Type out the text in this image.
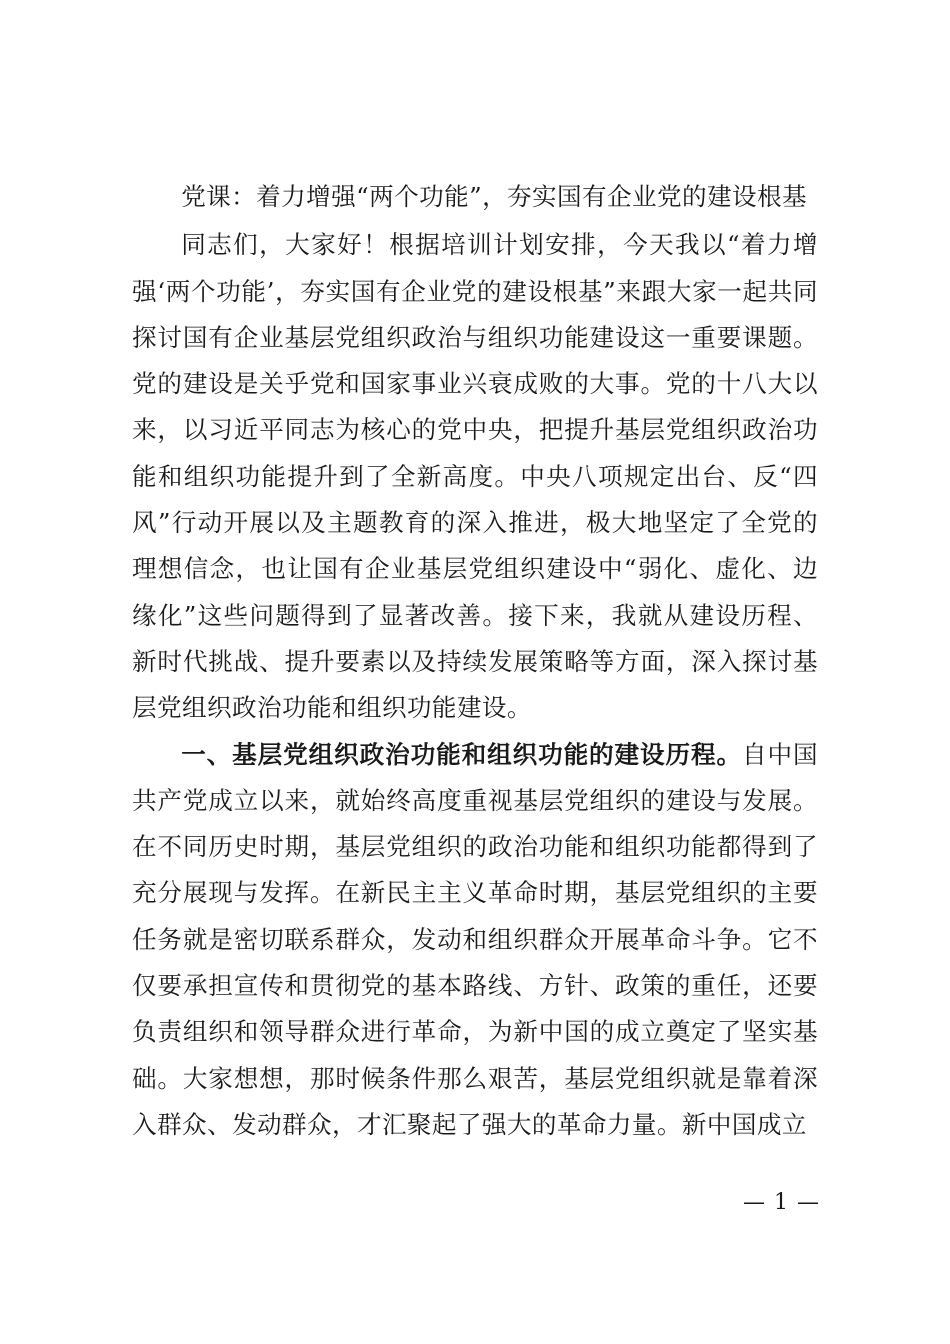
党课：着力增强“两个功能”，夯实国有企业党的建设根基

同志们，大家好！根据培训计划安排，今天我以“着力增强‘两个功能’，夯实国有企业党的建设根基”来跟大家一起共同探讨国有企业基层党组织政治与组织功能建设这一重要课题。党的建设是关乎党和国家事业兴衰成败的大事。党的十八大以来，以习近平同志为核心的党中央，把提升基层党组织政治功能和组织功能提升到了全新高度。中央八项规定出台、反“四风”行动开展以及主题教育的深入推进，极大地坚定了全党的理想信念，也让国有企业基层党组织建设中“弱化、虚化、边缘化”这些问题得到了显著改善。接下来，我就从建设历程、新时代挑战、提升要素以及持续发展策略等方面，深入探讨基层党组织政治功能和组织功能建设。

一、基层党组织政治功能和组织功能的建设历程。自中国共产党成立以来，就始终高度重视基层党组织的建设与发展。在不同历史时期，基层党组织的政治功能和组织功能都得到了充分展现与发挥。在新民主主义革命时期，基层党组织的主要任务就是密切联系群众，发动和组织群众开展革命斗争。它不仅要承担宣传和贯彻党的基本路线、方针、政策的重任，还要负责组织和领导群众进行革命，为新中国的成立奠定了坚实基础。大家想想，那时候条件那么艰苦，基层党组织就是靠着深入群众、发动群众，才汇聚起了强大的革命力量。新中国成立

— 1 —
